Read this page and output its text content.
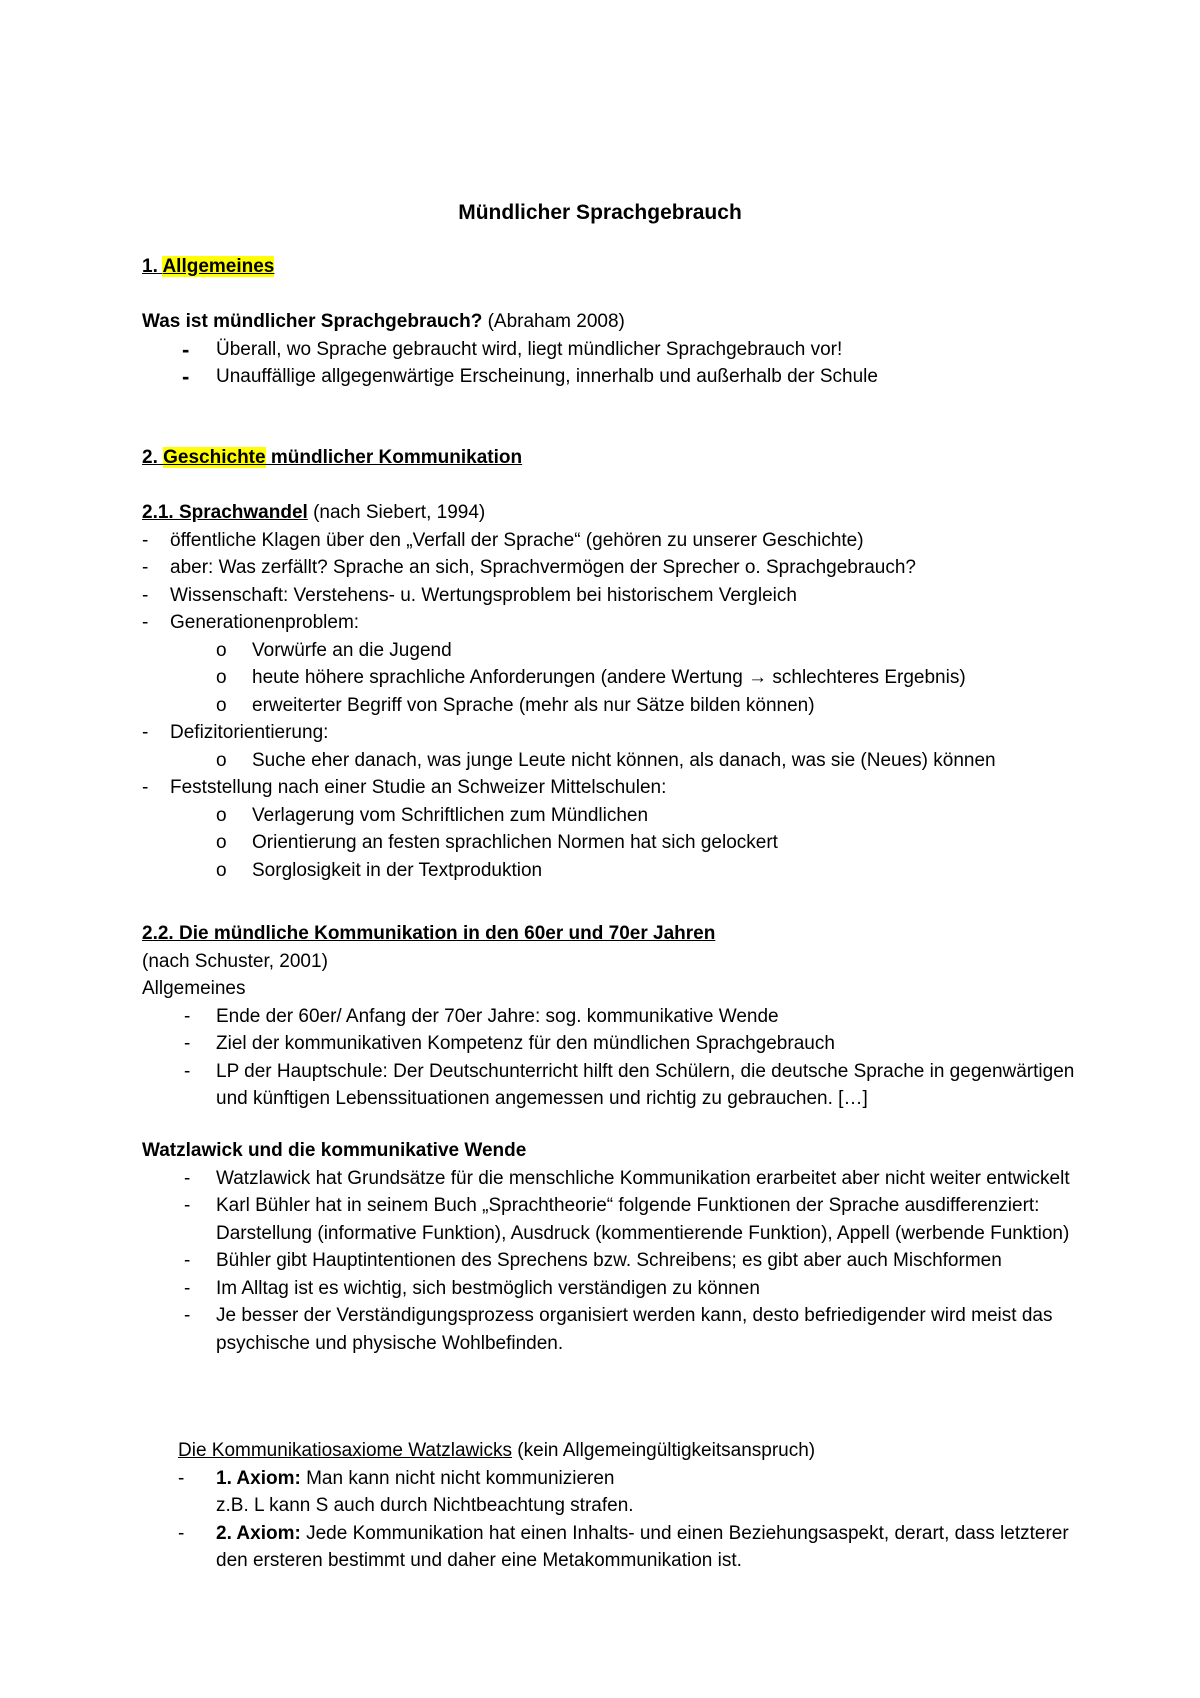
Mündlicher Sprachgebrauch
1. Allgemeines
Was ist mündlicher Sprachgebrauch? (Abraham 2008)
- Überall, wo Sprache gebraucht wird, liegt mündlicher Sprachgebrauch vor!
- Unauffällige allgegenwärtige Erscheinung, innerhalb und außerhalb der Schule
2. Geschichte mündlicher Kommunikation
2.1. Sprachwandel (nach Siebert, 1994)
- öffentliche Klagen über den „Verfall der Sprache“ (gehören zu unserer Geschichte)
- aber: Was zerfällt? Sprache an sich, Sprachvermögen der Sprecher o. Sprachgebrauch?
- Wissenschaft: Verstehens- u. Wertungsproblem bei historischem Vergleich
- Generationenproblem:
o Vorwürfe an die Jugend
o heute höhere sprachliche Anforderungen (andere Wertung → schlechteres Ergebnis)
o erweiterter Begriff von Sprache (mehr als nur Sätze bilden können)
- Defizitorientierung:
o Suche eher danach, was junge Leute nicht können, als danach, was sie (Neues) können
- Feststellung nach einer Studie an Schweizer Mittelschulen:
o Verlagerung vom Schriftlichen zum Mündlichen
o Orientierung an festen sprachlichen Normen hat sich gelockert
o Sorglosigkeit in der Textproduktion
2.2. Die mündliche Kommunikation in den 60er und 70er Jahren
(nach Schuster, 2001)
Allgemeines
- Ende der 60er/ Anfang der 70er Jahre: sog. kommunikative Wende
- Ziel der kommunikativen Kompetenz für den mündlichen Sprachgebrauch
- LP der Hauptschule: Der Deutschunterricht hilft den Schülern, die deutsche Sprache in gegenwärtigen und künftigen Lebenssituationen angemessen und richtig zu gebrauchen. […]
Watzlawick und die kommunikative Wende
- Watzlawick hat Grundsätze für die menschliche Kommunikation erarbeitet aber nicht weiter entwickelt
- Karl Bühler hat in seinem Buch „Sprachtheorie“ folgende Funktionen der Sprache ausdifferenziert: Darstellung (informative Funktion), Ausdruck (kommentierende Funktion), Appell (werbende Funktion)
- Bühler gibt Hauptintentionen des Sprechens bzw. Schreibens; es gibt aber auch Mischformen
- Im Alltag ist es wichtig, sich bestmöglich verständigen zu können
- Je besser der Verständigungsprozess organisiert werden kann, desto befriedigender wird meist das psychische und physische Wohlbefinden.
Die Kommunikatiosaxiome Watzlawicks (kein Allgemeingültigkeitsanspruch)
- 1. Axiom: Man kann nicht nicht kommunizieren
z.B. L kann S auch durch Nichtbeachtung strafen.
- 2. Axiom: Jede Kommunikation hat einen Inhalts- und einen Beziehungsaspekt, derart, dass letzterer den ersteren bestimmt und daher eine Metakommunikation ist.
